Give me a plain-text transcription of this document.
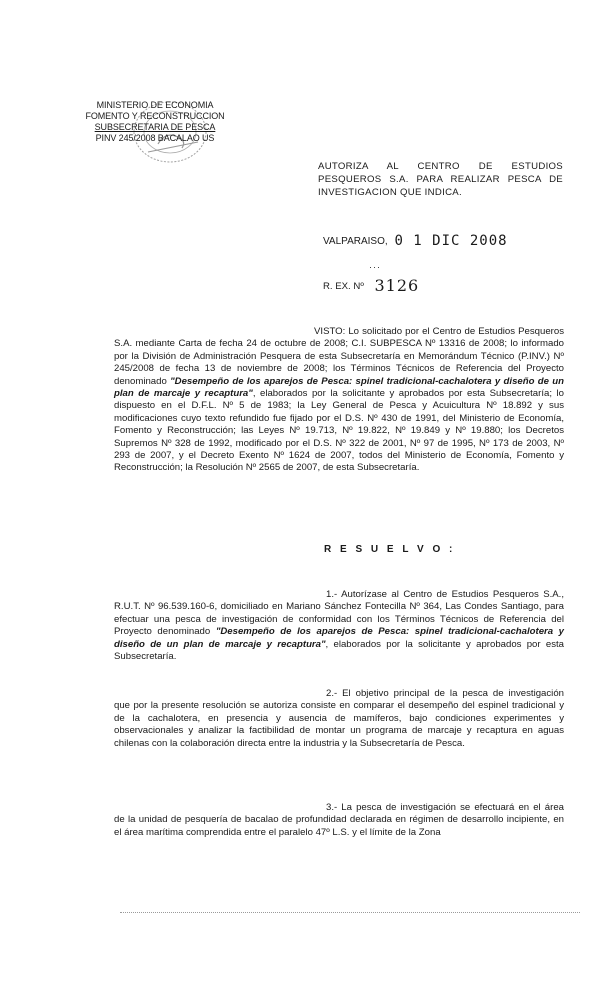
MINISTERIO DE ECONOMIA
FOMENTO Y RECONSTRUCCION
SUBSECRETARIA DE PESCA
PINV 245/2008 BACALAO US
AUTORIZA AL CENTRO DE ESTUDIOS PESQUEROS S.A. PARA REALIZAR PESCA DE INVESTIGACION QUE INDICA.
VALPARAISO, 0 1 DIC 2008
···
R. EX. Nº 3126
VISTO: Lo solicitado por el Centro de Estudios Pesqueros S.A. mediante Carta de fecha 24 de octubre de 2008; C.I. SUBPESCA Nº 13316 de 2008; lo informado por la División de Administración Pesquera de esta Subsecretaría en Memorándum Técnico (P.INV.) Nº 245/2008 de fecha 13 de noviembre de 2008; los Términos Técnicos de Referencia del Proyecto denominado "Desempeño de los aparejos de Pesca: spinel tradicional-cachalotera y diseño de un plan de marcaje y recaptura", elaborados por la solicitante y aprobados por esta Subsecretaría; lo dispuesto en el D.F.L. Nº 5 de 1983; la Ley General de Pesca y Acuicultura Nº 18.892 y sus modificaciones cuyo texto refundido fue fijado por el D.S. Nº 430 de 1991, del Ministerio de Economía, Fomento y Reconstrucción; las Leyes Nº 19.713, Nº 19.822, Nº 19.849 y Nº 19.880; los Decretos Supremos Nº 328 de 1992, modificado por el D.S. Nº 322 de 2001, Nº 97 de 1995, Nº 173 de 2003, Nº 293 de 2007, y el Decreto Exento Nº 1624 de 2007, todos del Ministerio de Economía, Fomento y Reconstrucción; la Resolución Nº 2565 de 2007, de esta Subsecretaría.
R E S U E L V O :
1.- Autorízase al Centro de Estudios Pesqueros S.A., R.U.T. Nº 96.539.160-6, domiciliado en Mariano Sánchez Fontecilla Nº 364, Las Condes Santiago, para efectuar una pesca de investigación de conformidad con los Términos Técnicos de Referencia del Proyecto denominado "Desempeño de los aparejos de Pesca: spinel tradicional-cachalotera y diseño de un plan de marcaje y recaptura", elaborados por la solicitante y aprobados por esta Subsecretaría.
2.- El objetivo principal de la pesca de investigación que por la presente resolución se autoriza consiste en comparar el desempeño del espinel tradicional y de la cachalotera, en presencia y ausencia de mamíferos, bajo condiciones experimentes y observacionales y analizar la factibilidad de montar un programa de marcaje y recaptura en aguas chilenas con la colaboración directa entre la industria y la Subsecretaría de Pesca.
3.- La pesca de investigación se efectuará en el área de la unidad de pesquería de bacalao de profundidad declarada en régimen de desarrollo incipiente, en el área marítima comprendida entre el paralelo 47º L.S. y el límite de la Zona
